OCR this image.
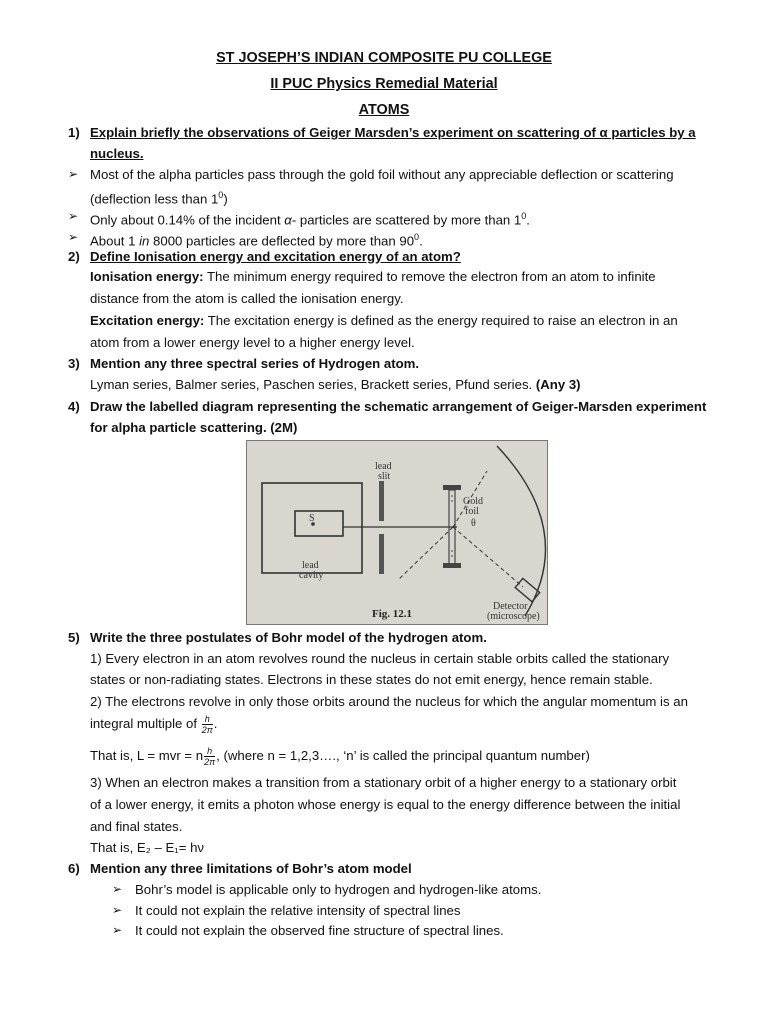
ST JOSEPH’S INDIAN COMPOSITE PU COLLEGE
II PUC Physics Remedial Material
ATOMS
1) Explain briefly the observations of Geiger Marsden’s experiment on scattering of α particles by a
nucleus.
➢ Most of the alpha particles pass through the gold foil without any appreciable deflection or scattering
(deflection less than $1^0$)
➢ Only about 0.14% of the incident α- particles are scattered by more than $1^0$.
➢ About 1 in 8000 particles are deflected by more than $90^0$.
2) Define Ionisation energy and excitation energy of an atom?
Ionisation energy: The minimum energy required to remove the electron from an atom to infinite
distance from the atom is called the ionisation energy.
Excitation energy: The excitation energy is defined as the energy required to raise an electron in an
atom from a lower energy level to a higher energy level.
3) Mention any three spectral series of Hydrogen atom.
Lyman series, Balmer series, Paschen series, Brackett series, Pfund series. (Any 3)
4) Draw the labelled diagram representing the schematic arrangement of Geiger-Marsden experiment
for alpha particle scattering. (2M)
S
lead
slit
Gold
foil
θ
lead
cavity
Fig. 12.1
Detector
(microscope)
5) Write the three postulates of Bohr model of the hydrogen atom.
1) Every electron in an atom revolves round the nucleus in certain stable orbits called the stationary
states or non-radiating states. Electrons in these states do not emit energy, hence remain stable.
2) The electrons revolve in only those orbits around the nucleus for which the angular momentum is an
integral multiple of $\frac{h}{2\pi}$ .
That is, L = mvr = n $\frac{h}{2\pi}$ , (where n = 1,2,3…., ‘n’ is called the principal quantum number)
3) When an electron makes a transition from a stationary orbit of a higher energy to a stationary orbit
of a lower energy, it emits a photon whose energy is equal to the energy difference between the initial
and final states.
That is, E₂ – E₁= hν
6) Mention any three limitations of Bohr’s atom model
➢ Bohr’s model is applicable only to hydrogen and hydrogen-like atoms.
➢ It could not explain the relative intensity of spectral lines
➢ It could not explain the observed fine structure of spectral lines.
